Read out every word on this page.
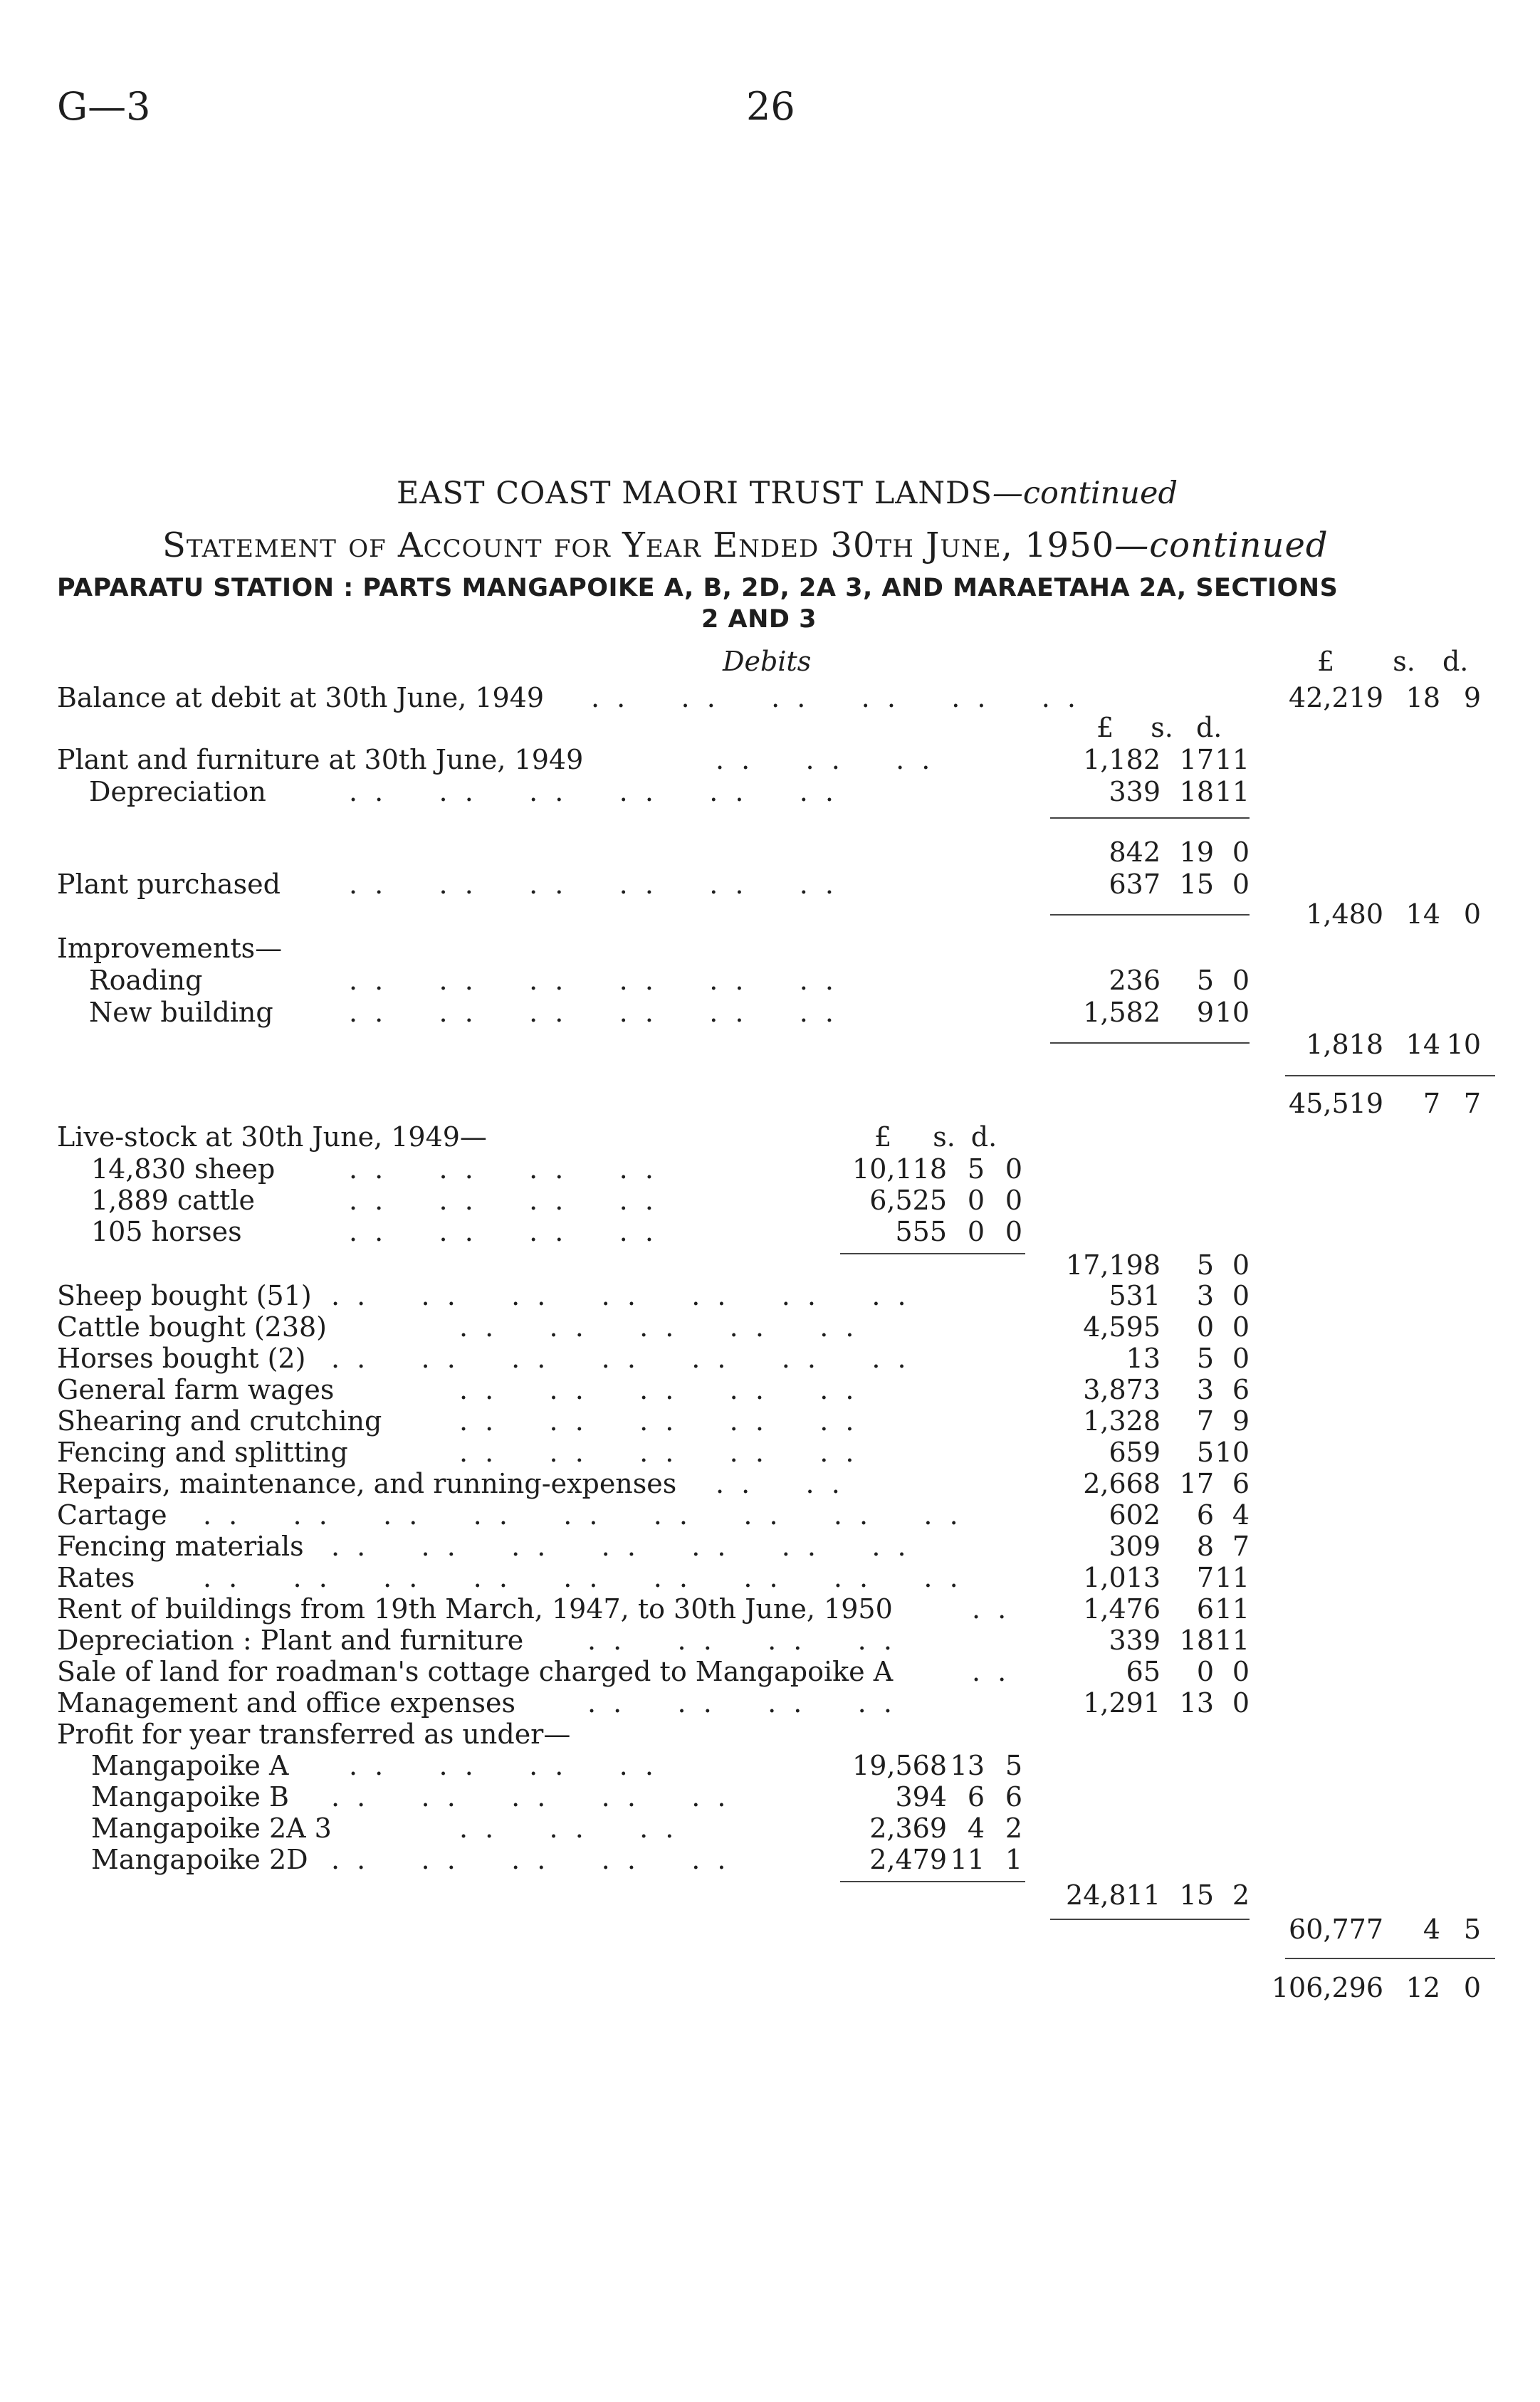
G—3	26
EAST COAST MAORI TRUST LANDS—continued
Statement of Account for Year Ended 30th June, 1950—continued
PAPARATU STATION : PARTS MANGAPOIKE A, B, 2D, 2A 3, AND MARAETAHA 2A, SECTIONS
2 AND 3
Debits	£ s. d.
Balance at debit at 30th June, 1949 . .    . .    . .    . .    . .    . .	42,219 18 9
£ s. d.
Plant and furniture at 30th June, 1949	. .    . .    . .	1,182 17 11
Depreciation	. .    . .    . .    . .    . .    . .	339 18 11
842 19 0
Plant purchased	. .    . .    . .    . .    . .    . .	637 15 0
1,480 14 0
Improvements—
Roading	. .    . .    . .    . .    . .    . .	236 5 0
New building	. .    . .    . .    . .    . .    . .	1,582 9 10
1,818 14 10
45,519 7 7
Live-stock at 30th June, 1949—	£ s. d.
14,830 sheep	. .    . .    . .    . .	10,118 5 0
1,889 cattle	. .    . .    . .    . .	6,525 0 0
105 horses	. .    . .    . .    . .	555 0 0
17,198 5 0
Sheep bought (51) . .    . .    . .    . .    . .    . .    . .	531 3 0
Cattle bought (238)	. .    . .    . .    . .    . .	4,595 0 0
Horses bought (2) . .    . .    . .    . .    . .    . .    . .	13 5 0
General farm wages	. .    . .    . .    . .    . .	3,873 3 6
Shearing and crutching	. .    . .    . .    . .    . .	1,328 7 9
Fencing and splitting	. .    . .    . .    . .    . .	659 5 10
Repairs, maintenance, and running-expenses . .    . .	2,668 17 6
Cartage . .    . .    . .    . .    . .    . .    . .    . .    . .	602 6 4
Fencing materials . .    . .    . .    . .    . .    . .    . .	309 8 7
Rates	. .    . .    . .    . .    . .    . .    . .    . .    . .	1,013 7 11
Rent of buildings from 19th March, 1947, to 30th June, 1950	. .	1,476 6 11
Depreciation : Plant and furniture . .    . .    . .    . .	339 18 11
Sale of land for roadman's cottage charged to Mangapoike A	. .	65 0 0
Management and office expenses	. .    . .    . .    . .	1,291 13 0
Profit for year transferred as under—
Mangapoike A . .    . .    . .    . .	19,568 13 5
Mangapoike B . .    . .    . .    . .    . .	394 6 6
Mangapoike 2A 3	. .    . .    . .	2,369 4 2
Mangapoike 2D . .    . .    . .    . .    . .	2,479 11 1
24,811 15 2
60,777 4 5
106,296 12 0
